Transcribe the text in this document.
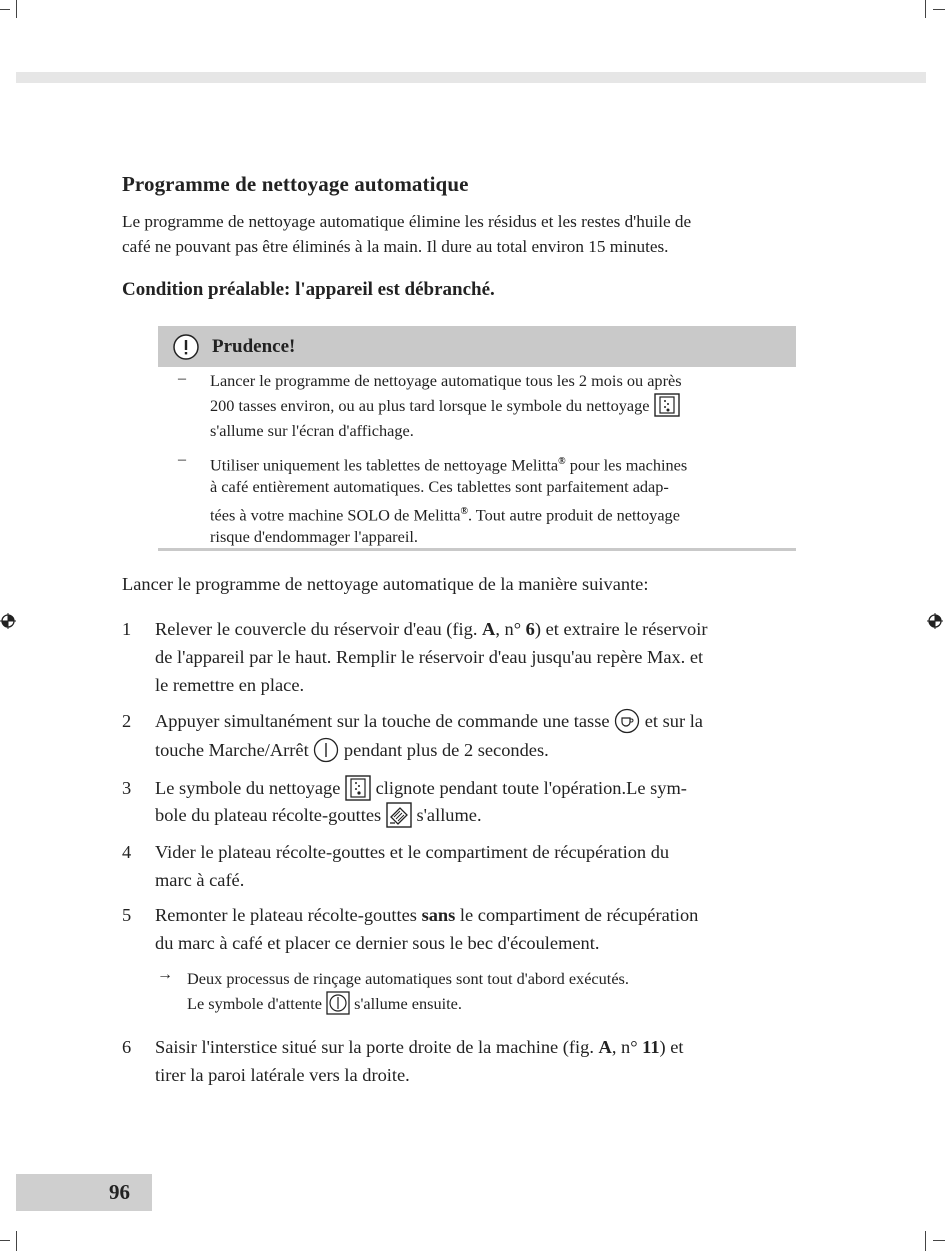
Programme de nettoyage automatique
Le programme de nettoyage automatique élimine les résidus et les restes d'huile de
café ne pouvant pas être éliminés à la main. Il dure au total environ 15 minutes.
Condition préalable: l'appareil est débranché.
Prudence!
– Lancer le programme de nettoyage automatique tous les 2 mois ou après
200 tasses environ, ou au plus tard lorsque le symbole du nettoyage
s'allume sur l'écran d'affichage.
– Utiliser uniquement les tablettes de nettoyage Melitta® pour les machines
à café entièrement automatiques. Ces tablettes sont parfaitement adap-
tées à votre machine SOLO de Melitta®. Tout autre produit de nettoyage
risque d'endommager l'appareil.
Lancer le programme de nettoyage automatique de la manière suivante:
1 Relever le couvercle du réservoir d'eau (fig. A, n° 6) et extraire le réservoir
de l'appareil par le haut. Remplir le réservoir d'eau jusqu'au repère Max. et
le remettre en place.
2 Appuyer simultanément sur la touche de commande une tasse et sur la
touche Marche/Arrêt pendant plus de 2 secondes.
3 Le symbole du nettoyage clignote pendant toute l'opération.Le sym-
bole du plateau récolte-gouttes s'allume.
4 Vider le plateau récolte-gouttes et le compartiment de récupération du
marc à café.
5 Remonter le plateau récolte-gouttes sans le compartiment de récupération
du marc à café et placer ce dernier sous le bec d'écoulement.
→ Deux processus de rinçage automatiques sont tout d'abord exécutés.
Le symbole d'attente s'allume ensuite.
6 Saisir l'interstice situé sur la porte droite de la machine (fig. A, n° 11) et
tirer la paroi latérale vers la droite.
96
